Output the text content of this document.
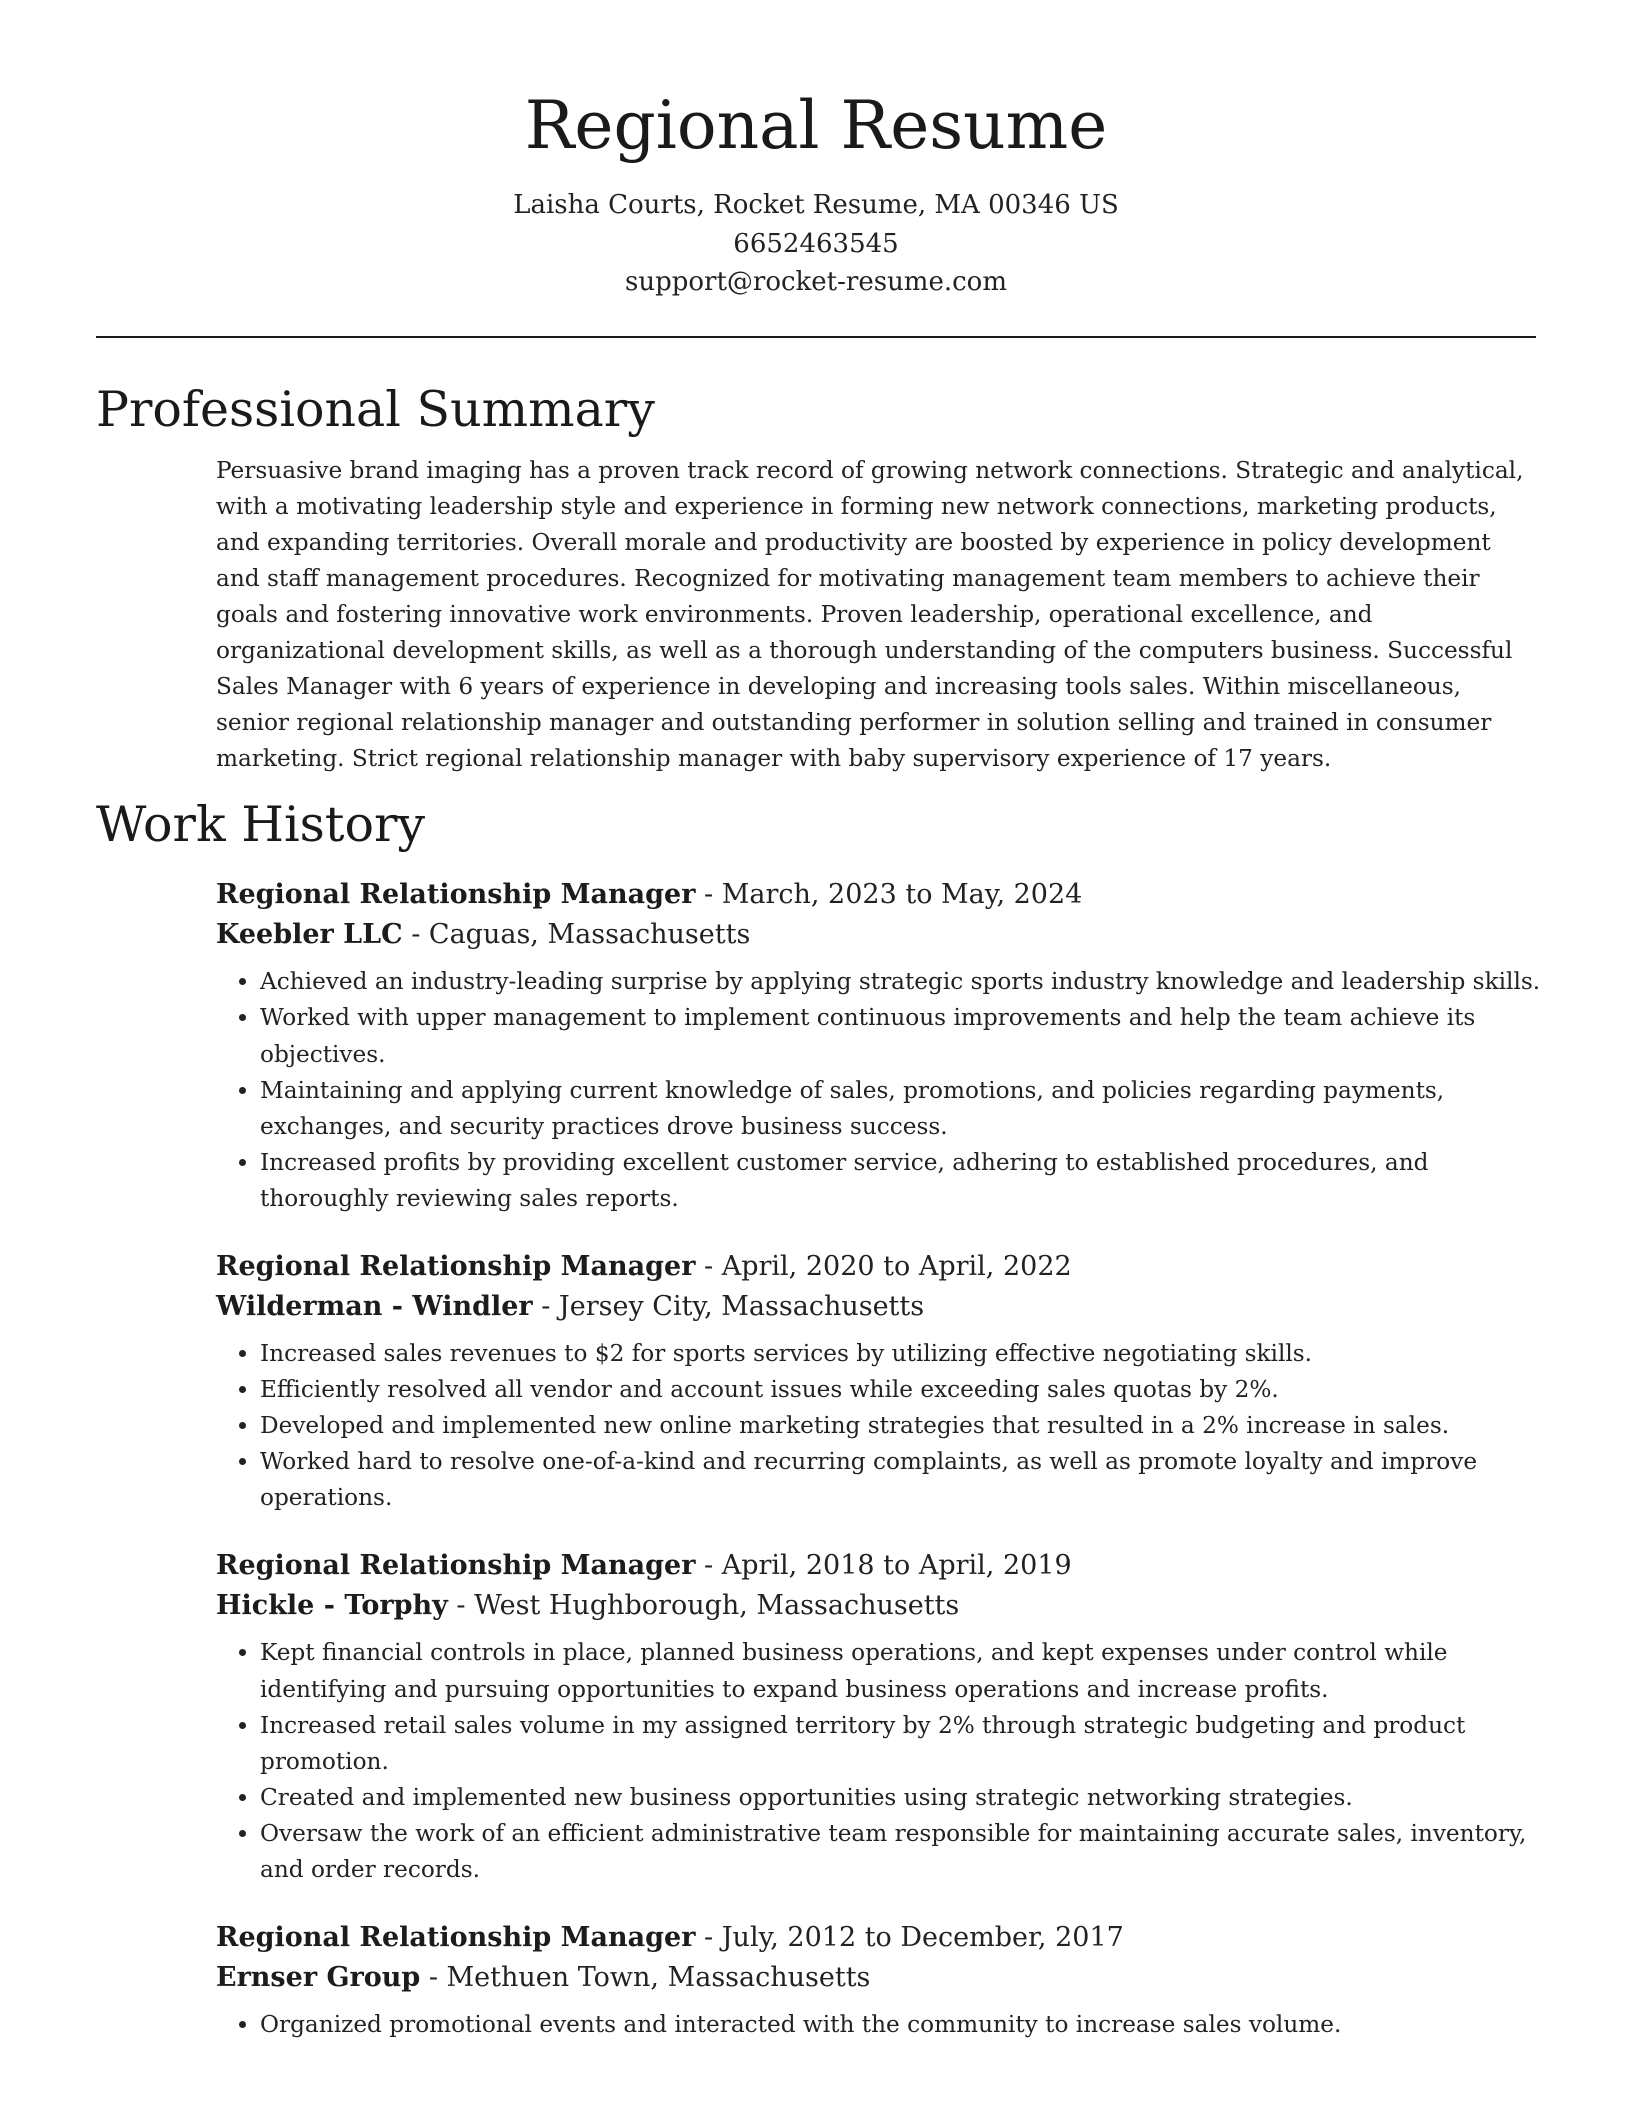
Regional Resume
Laisha Courts, Rocket Resume, MA 00346 US
6652463545
support@rocket-resume.com
Professional Summary

Persuasive brand imaging has a proven track record of growing network connections. Strategic and analytical, with a motivating leadership style and experience in forming new network connections, marketing products, and expanding territories. Overall morale and productivity are boosted by experience in policy development and staff management procedures. Recognized for motivating management team members to achieve their goals and fostering innovative work environments. Proven leadership, operational excellence, and organizational development skills, as well as a thorough understanding of the computers business. Successful Sales Manager with 6 years of experience in developing and increasing tools sales. Within miscellaneous, senior regional relationship manager and outstanding performer in solution selling and trained in consumer marketing. Strict regional relationship manager with baby supervisory experience of 17 years.

Work History
Regional Relationship Manager - March, 2023 to May, 2024
Keebler LLC - Caguas, Massachusetts
• Achieved an industry-leading surprise by applying strategic sports industry knowledge and leadership skills.
• Worked with upper management to implement continuous improvements and help the team achieve its objectives.
• Maintaining and applying current knowledge of sales, promotions, and policies regarding payments, exchanges, and security practices drove business success.
• Increased profits by providing excellent customer service, adhering to established procedures, and thoroughly reviewing sales reports.
Regional Relationship Manager - April, 2020 to April, 2022
Wilderman - Windler - Jersey City, Massachusetts
• Increased sales revenues to $2 for sports services by utilizing effective negotiating skills.
• Efficiently resolved all vendor and account issues while exceeding sales quotas by 2%.
• Developed and implemented new online marketing strategies that resulted in a 2% increase in sales.
• Worked hard to resolve one-of-a-kind and recurring complaints, as well as promote loyalty and improve operations.
Regional Relationship Manager - April, 2018 to April, 2019
Hickle - Torphy - West Hughborough, Massachusetts
• Kept financial controls in place, planned business operations, and kept expenses under control while identifying and pursuing opportunities to expand business operations and increase profits.
• Increased retail sales volume in my assigned territory by 2% through strategic budgeting and product promotion.
• Created and implemented new business opportunities using strategic networking strategies.
• Oversaw the work of an efficient administrative team responsible for maintaining accurate sales, inventory, and order records.
Regional Relationship Manager - July, 2012 to December, 2017
Ernser Group - Methuen Town, Massachusetts
• Organized promotional events and interacted with the community to increase sales volume.
